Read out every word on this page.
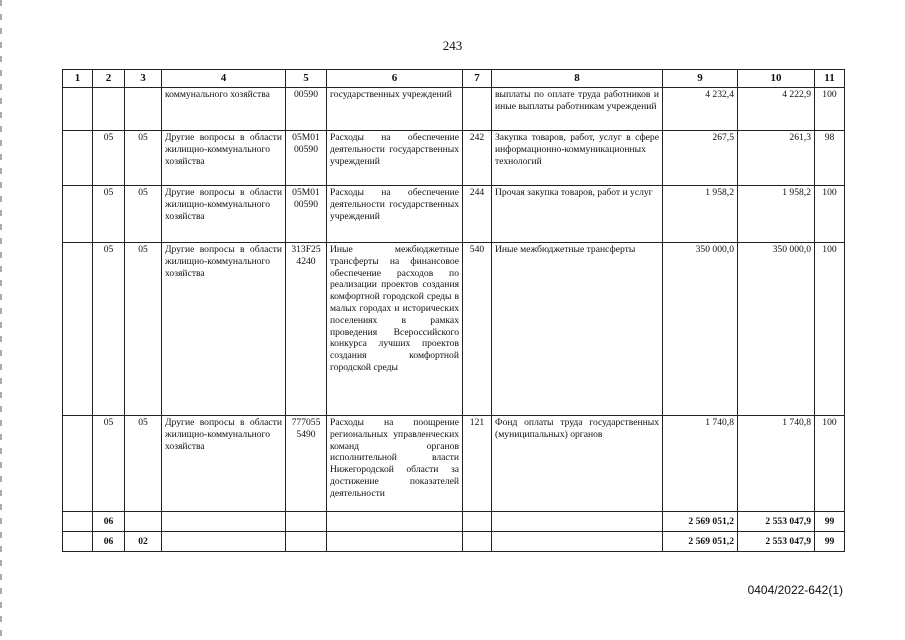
243
1	2	3	4	5	6	7	8	9	10	11
			коммунального хозяйства	00590	государственных учреждений		выплаты по оплате труда работников и иные выплаты работникам учреждений	4 232,4	4 222,9	100
	05	05	Другие вопросы в области жилищно-коммунального хозяйства	05М01 00590	Расходы на обеспечение деятельности государственных учреждений	242	Закупка товаров, работ, услуг в сфере информационно-коммуникационных технологий	267,5	261,3	98
	05	05	Другие вопросы в области жилищно-коммунального хозяйства	05М01 00590	Расходы на обеспечение деятельности государственных учреждений	244	Прочая закупка товаров, работ и услуг	1 958,2	1 958,2	100
	05	05	Другие вопросы в области жилищно-коммунального хозяйства	313F25 4240	Иные межбюджетные трансферты на финансовое обеспечение расходов по реализации проектов создания комфортной городской среды в малых городах и исторических поселениях в рамках проведения Всероссийского конкурса лучших проектов создания комфортной городской среды	540	Иные межбюджетные трансферты	350 000,0	350 000,0	100
	05	05	Другие вопросы в области жилищно-коммунального хозяйства	777055 5490	Расходы на поощрение региональных управленческих команд органов исполнительной власти Нижегородской области за достижение показателей деятельности	121	Фонд оплаты труда государственных (муниципальных) органов	1 740,8	1 740,8	100
	06							2 569 051,2	2 553 047,9	99
	06	02						2 569 051,2	2 553 047,9	99
0404/2022-642(1)
